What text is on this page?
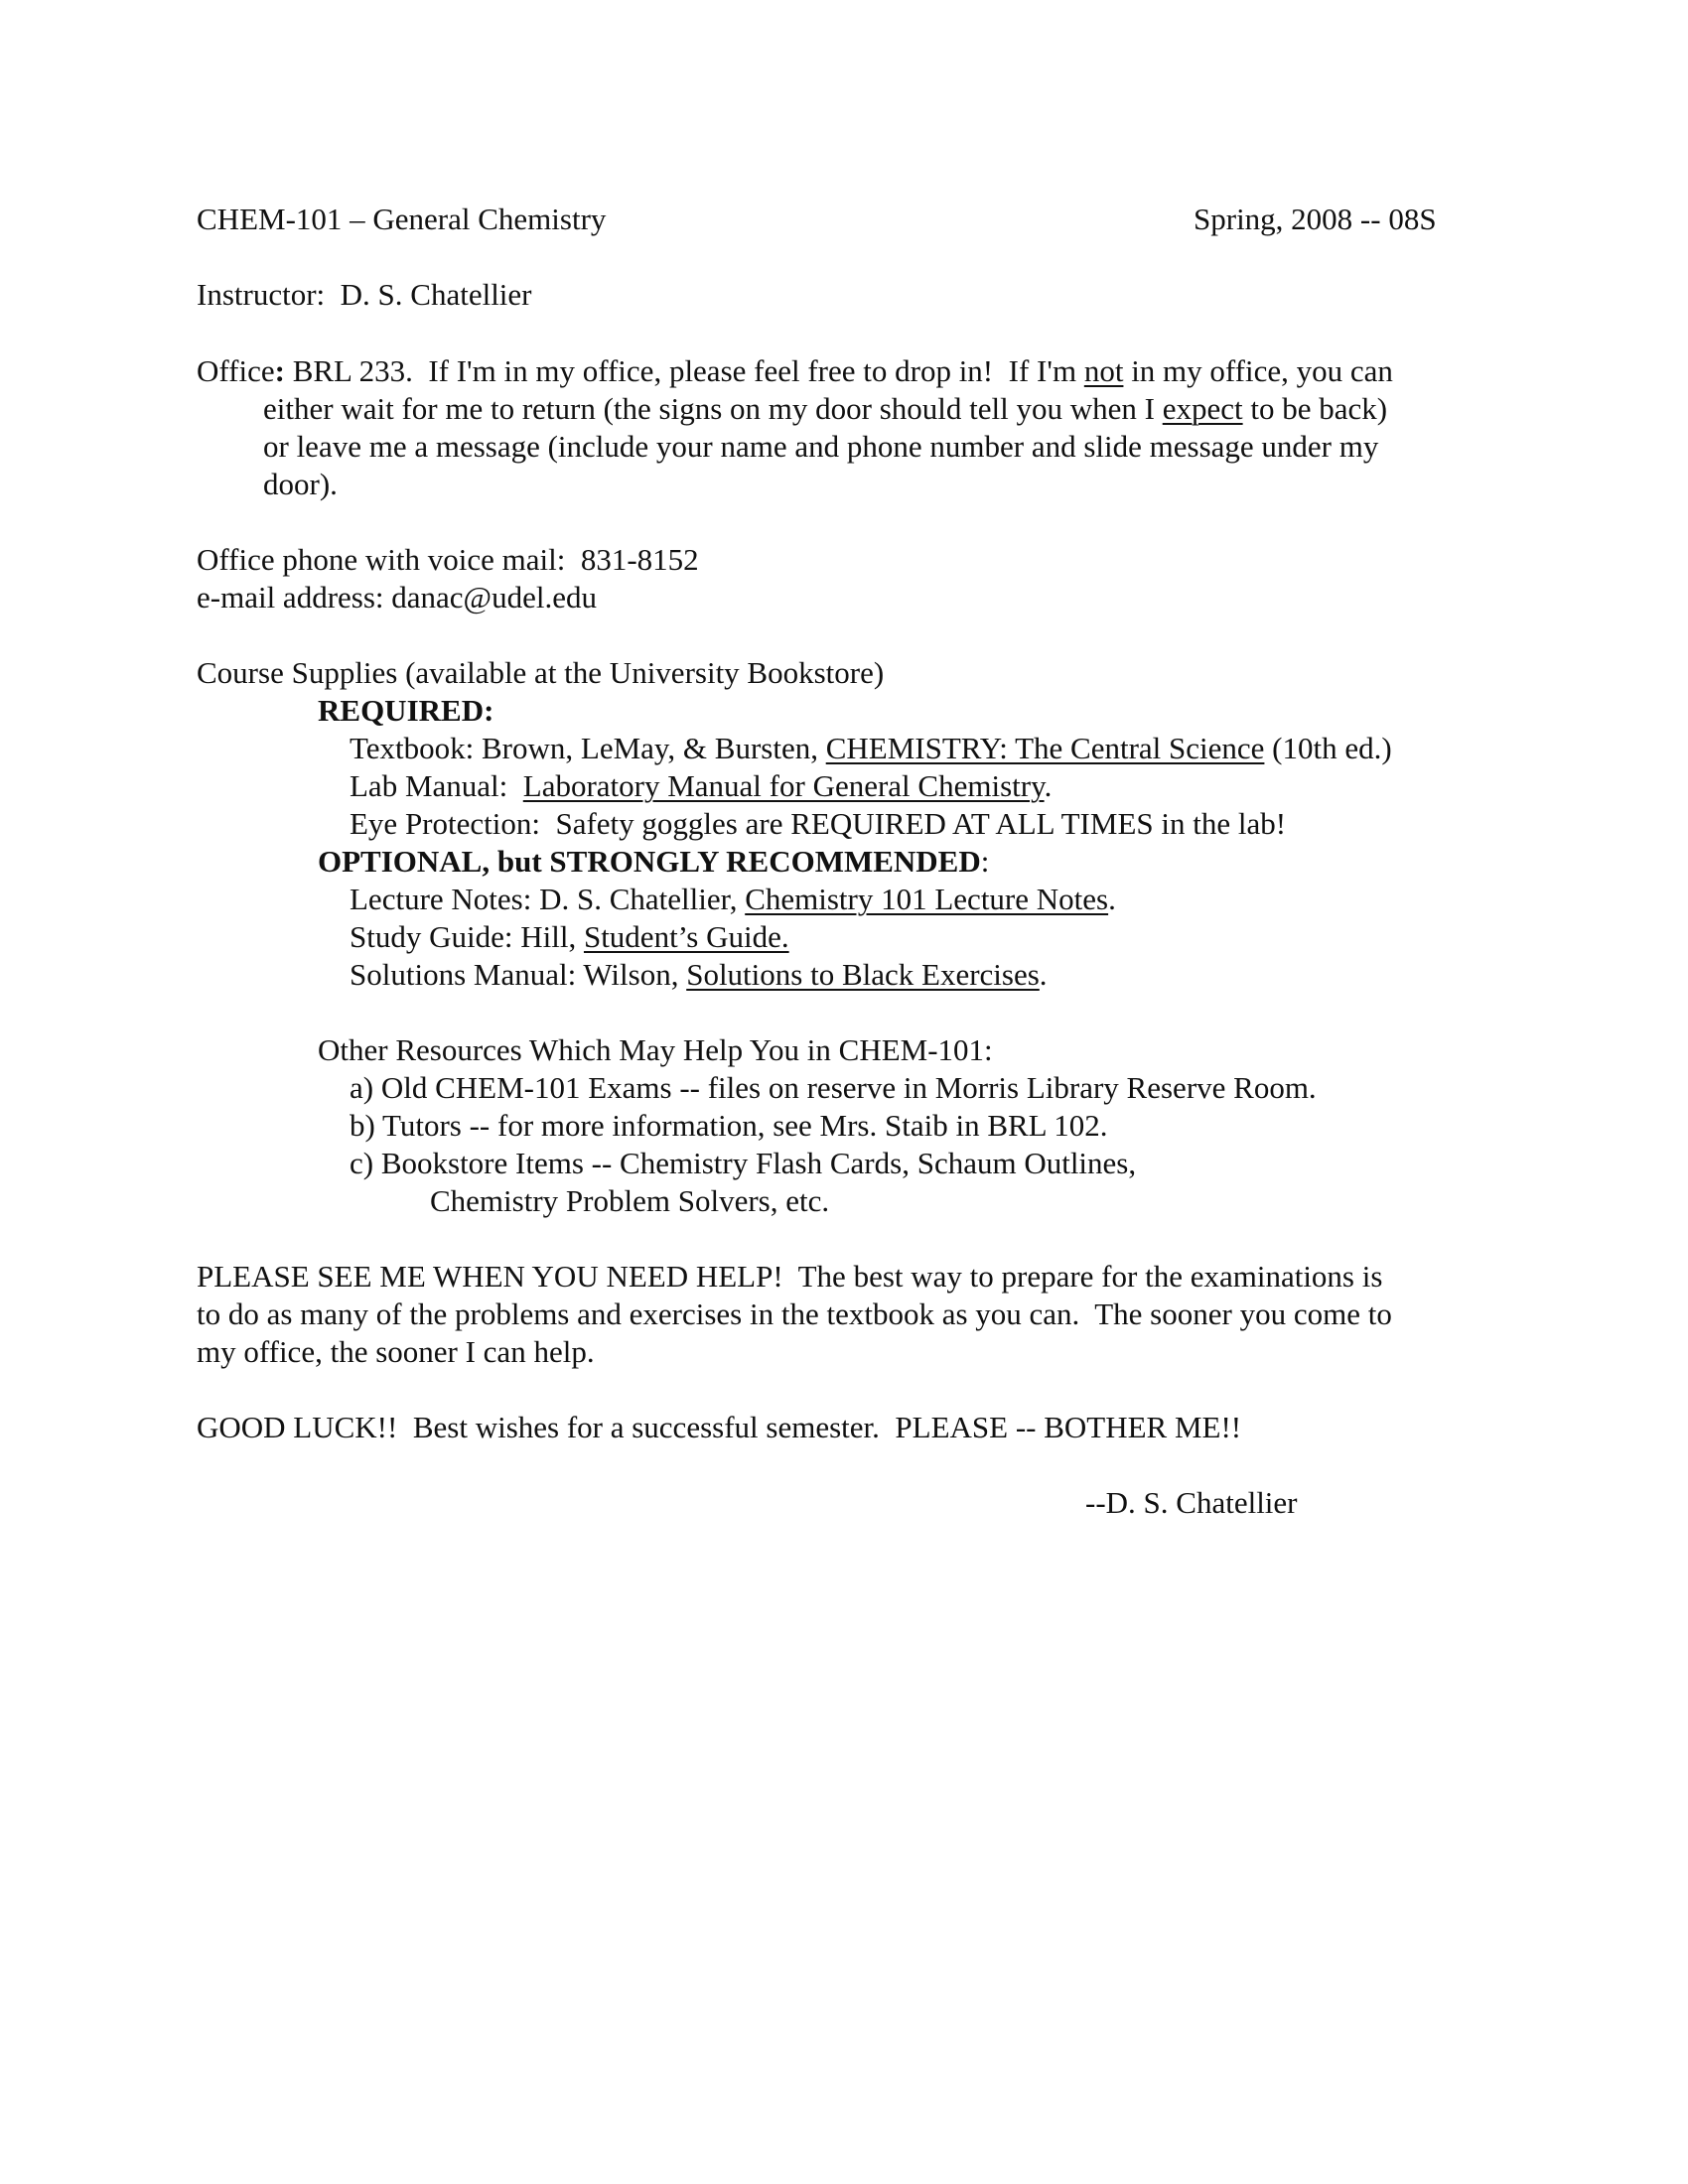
CHEM-101 – General Chemistry	Spring, 2008 -- 08S
Instructor: D. S. Chatellier
Office: BRL 233.  If I'm in my office, please feel free to drop in!  If I'm not in my office, you can
either wait for me to return (the signs on my door should tell you when I expect to be back)
or leave me a message (include your name and phone number and slide message under my
door).
Office phone with voice mail:  831-8152
e-mail address: danac@udel.edu
Course Supplies (available at the University Bookstore)
REQUIRED:
Textbook: Brown, LeMay, & Bursten, CHEMISTRY: The Central Science (10th ed.)
Lab Manual:  Laboratory Manual for General Chemistry.
Eye Protection:  Safety goggles are REQUIRED AT ALL TIMES in the lab!
OPTIONAL, but STRONGLY RECOMMENDED:
Lecture Notes: D. S. Chatellier, Chemistry 101 Lecture Notes.
Study Guide: Hill, Student’s Guide.
Solutions Manual: Wilson, Solutions to Black Exercises.
Other Resources Which May Help You in CHEM-101:
a) Old CHEM-101 Exams -- files on reserve in Morris Library Reserve Room.
b) Tutors -- for more information, see Mrs. Staib in BRL 102.
c) Bookstore Items -- Chemistry Flash Cards, Schaum Outlines,
Chemistry Problem Solvers, etc.
PLEASE SEE ME WHEN YOU NEED HELP!  The best way to prepare for the examinations is
to do as many of the problems and exercises in the textbook as you can.  The sooner you come to
my office, the sooner I can help.
GOOD LUCK!!  Best wishes for a successful semester.  PLEASE -- BOTHER ME!!
--D. S. Chatellier
